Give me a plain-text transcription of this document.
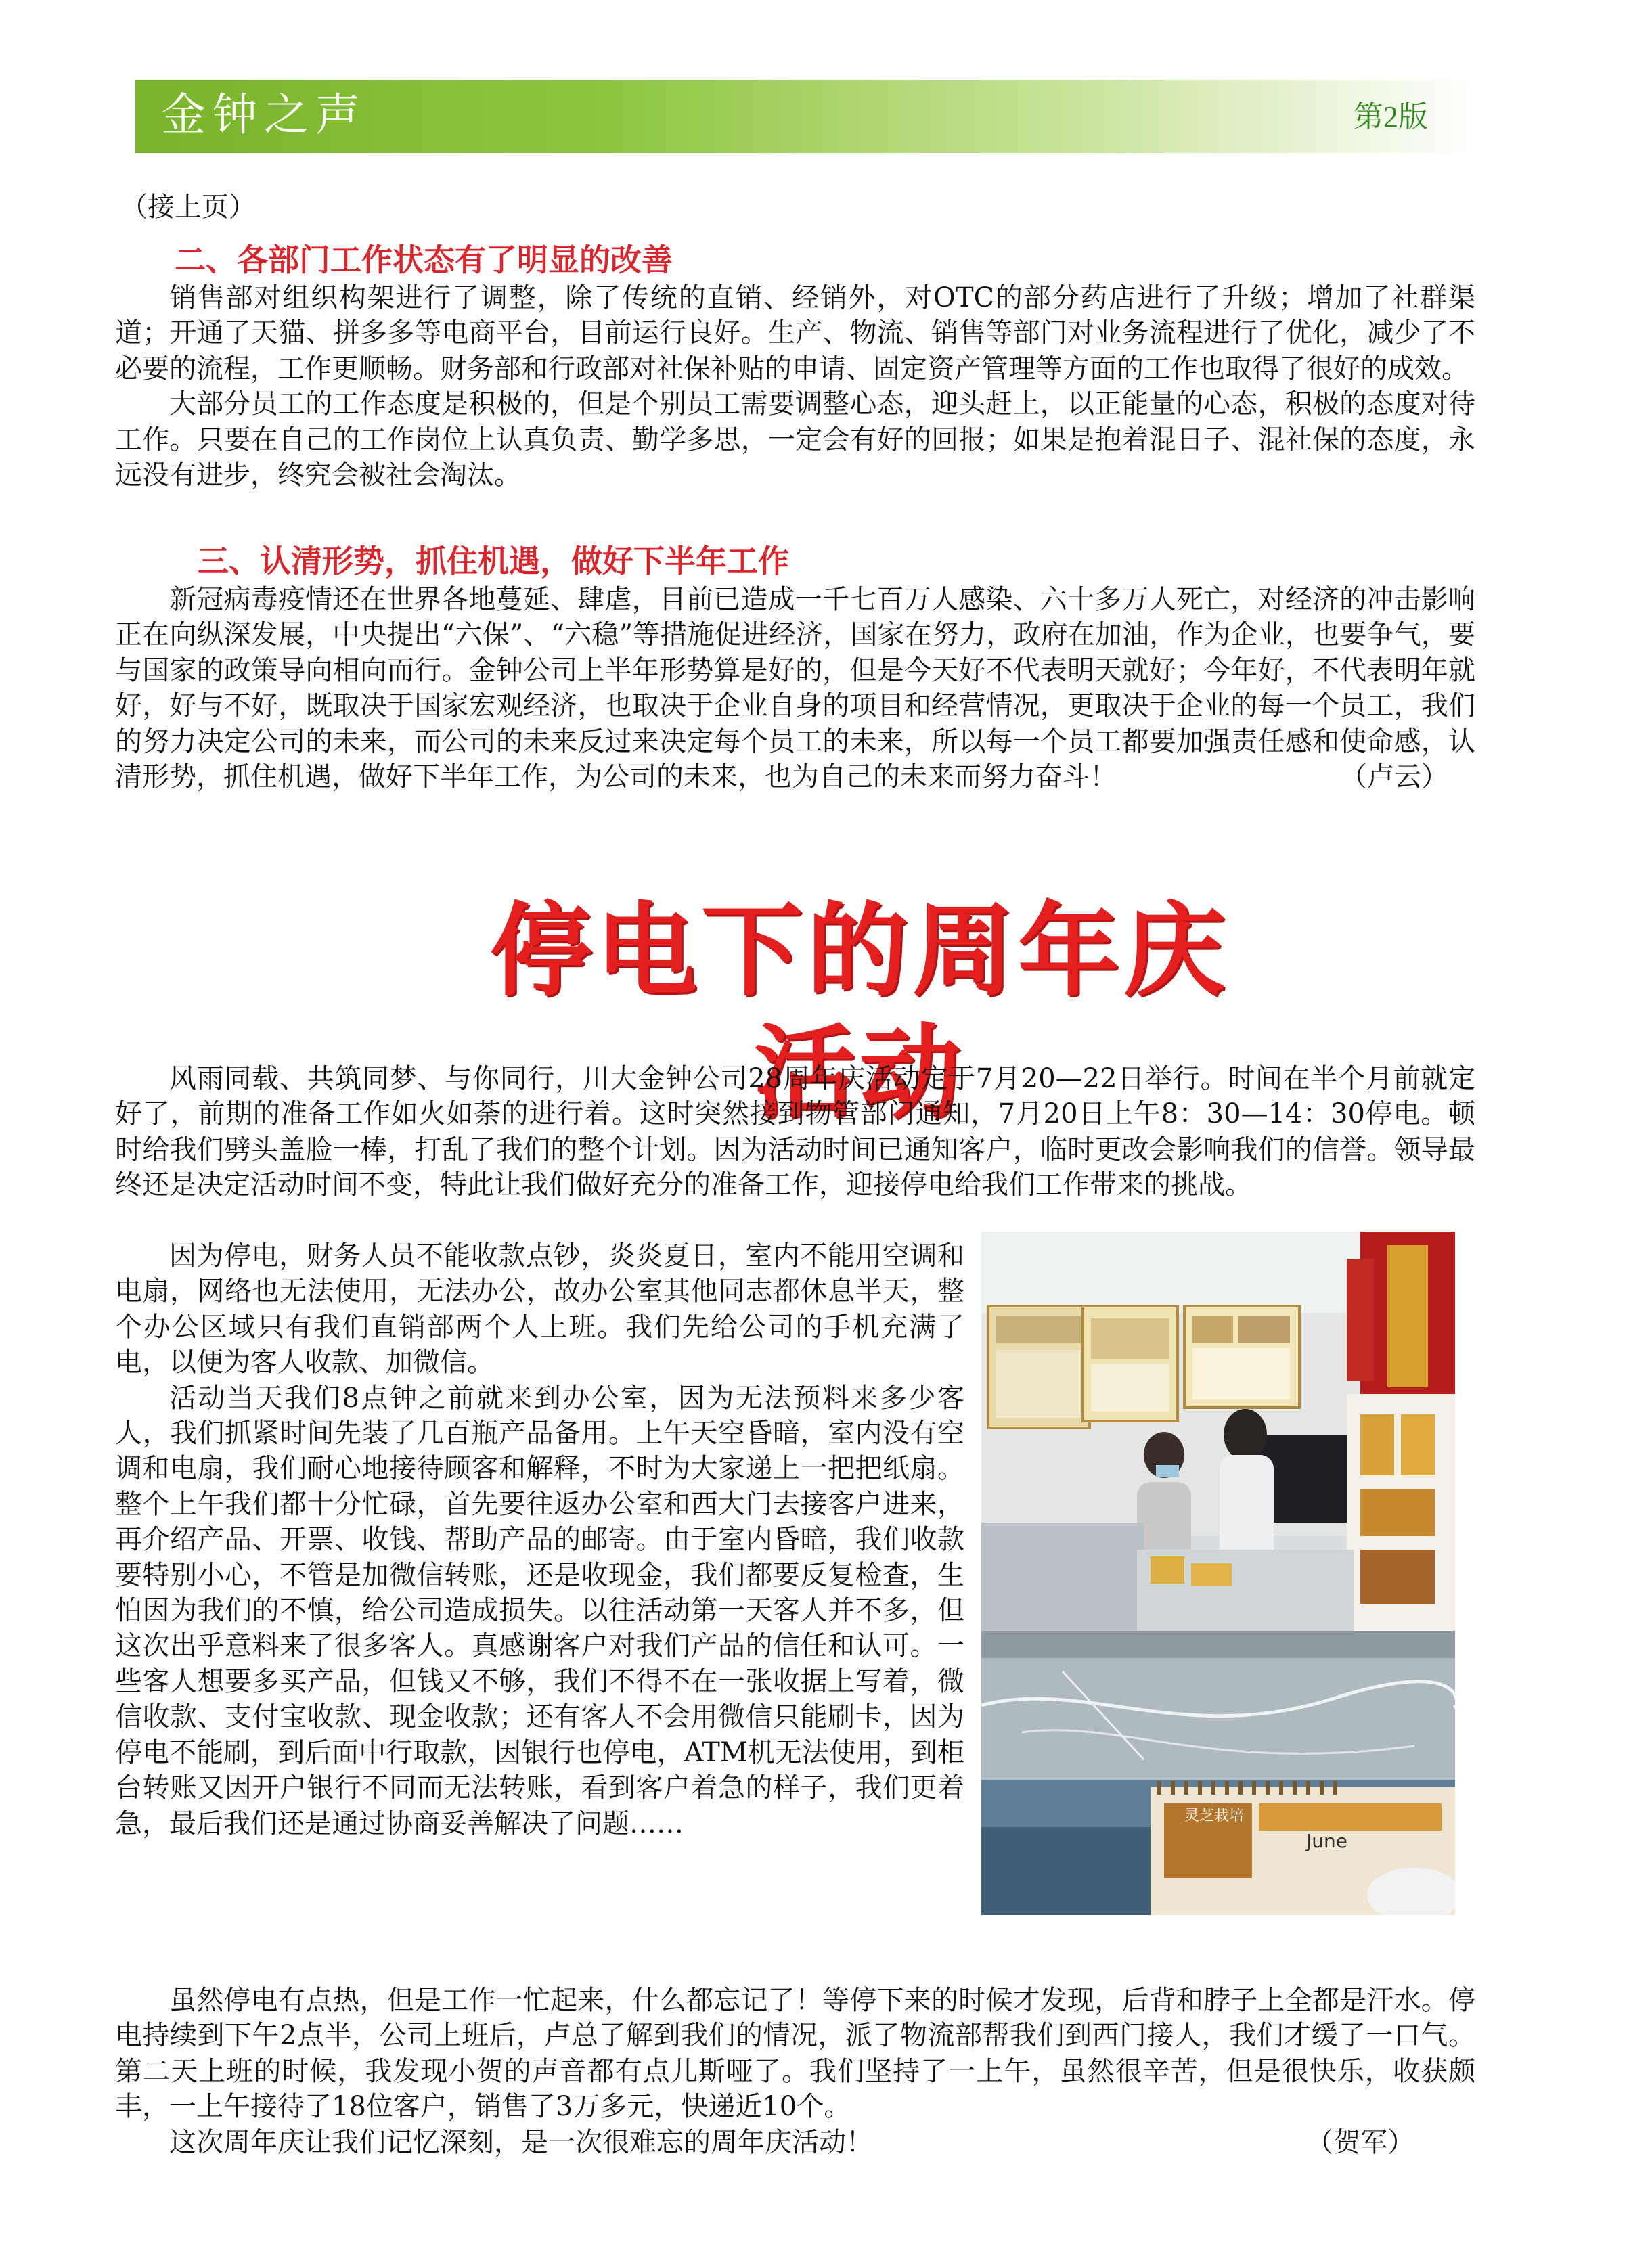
金钟之声	第2版
（接上页）
二、各部门工作状态有了明显的改善

销售部对组织构架进行了调整，除了传统的直销、经销外，对OTC的部分药店进行了升级；增加了社群渠道；开通了天猫、拼多多等电商平台，目前运行良好。生产、物流、销售等部门对业务流程进行了优化，减少了不必要的流程，工作更顺畅。财务部和行政部对社保补贴的申请、固定资产管理等方面的工作也取得了很好的成效。

大部分员工的工作态度是积极的，但是个别员工需要调整心态，迎头赶上，以正能量的心态，积极的态度对待工作。只要在自己的工作岗位上认真负责、勤学多思，一定会有好的回报；如果是抱着混日子、混社保的态度，永远没有进步，终究会被社会淘汰。

三、认清形势，抓住机遇，做好下半年工作

新冠病毒疫情还在世界各地蔓延、肆虐，目前已造成一千七百万人感染、六十多万人死亡，对经济的冲击影响正在向纵深发展，中央提出“六保”、“六稳”等措施促进经济，国家在努力，政府在加油，作为企业，也要争气，要与国家的政策导向相向而行。金钟公司上半年形势算是好的，但是今天好不代表明天就好；今年好，不代表明年就好，好与不好，既取决于国家宏观经济，也取决于企业自身的项目和经营情况，更取决于企业的每一个员工，我们的努力决定公司的未来，而公司的未来反过来决定每个员工的未来，所以每一个员工都要加强责任感和使命感，认清形势，抓住机遇，做好下半年工作，为公司的未来，也为自己的未来而努力奋斗！	（卢云）

停电下的周年庆活动

风雨同载、共筑同梦、与你同行，川大金钟公司28周年庆活动定于7月20—22日举行。时间在半个月前就定好了，前期的准备工作如火如荼的进行着。这时突然接到物管部门通知，7月20日上午8：30—14：30停电。顿时给我们劈头盖脸一棒，打乱了我们的整个计划。因为活动时间已通知客户，临时更改会影响我们的信誉。领导最终还是决定活动时间不变，特此让我们做好充分的准备工作，迎接停电给我们工作带来的挑战。

因为停电，财务人员不能收款点钞，炎炎夏日，室内不能用空调和电扇，网络也无法使用，无法办公，故办公室其他同志都休息半天，整个办公区域只有我们直销部两个人上班。我们先给公司的手机充满了电，以便为客人收款、加微信。

活动当天我们8点钟之前就来到办公室，因为无法预料来多少客人，我们抓紧时间先装了几百瓶产品备用。上午天空昏暗，室内没有空调和电扇，我们耐心地接待顾客和解释，不时为大家递上一把把纸扇。整个上午我们都十分忙碌，首先要往返办公室和西大门去接客户进来，再介绍产品、开票、收钱、帮助产品的邮寄。由于室内昏暗，我们收款要特别小心，不管是加微信转账，还是收现金，我们都要反复检查，生怕因为我们的不慎，给公司造成损失。以往活动第一天客人并不多，但这次出乎意料来了很多客人。真感谢客户对我们产品的信任和认可。一些客人想要多买产品，但钱又不够，我们不得不在一张收据上写着，微信收款、支付宝收款、现金收款；还有客人不会用微信只能刷卡，因为停电不能刷，到后面中行取款，因银行也停电，ATM机无法使用，到柜台转账又因开户银行不同而无法转账，看到客户着急的样子，我们更着急，最后我们还是通过协商妥善解决了问题……

虽然停电有点热，但是工作一忙起来，什么都忘记了！等停下来的时候才发现，后背和脖子上全都是汗水。停电持续到下午2点半，公司上班后，卢总了解到我们的情况，派了物流部帮我们到西门接人，我们才缓了一口气。第二天上班的时候，我发现小贺的声音都有点儿斯哑了。我们坚持了一上午，虽然很辛苦，但是很快乐，收获颇丰，一上午接待了18位客户，销售了3万多元，快递近10个。

这次周年庆让我们记忆深刻，是一次很难忘的周年庆活动！	（贺军）

灵芝栽培
June
